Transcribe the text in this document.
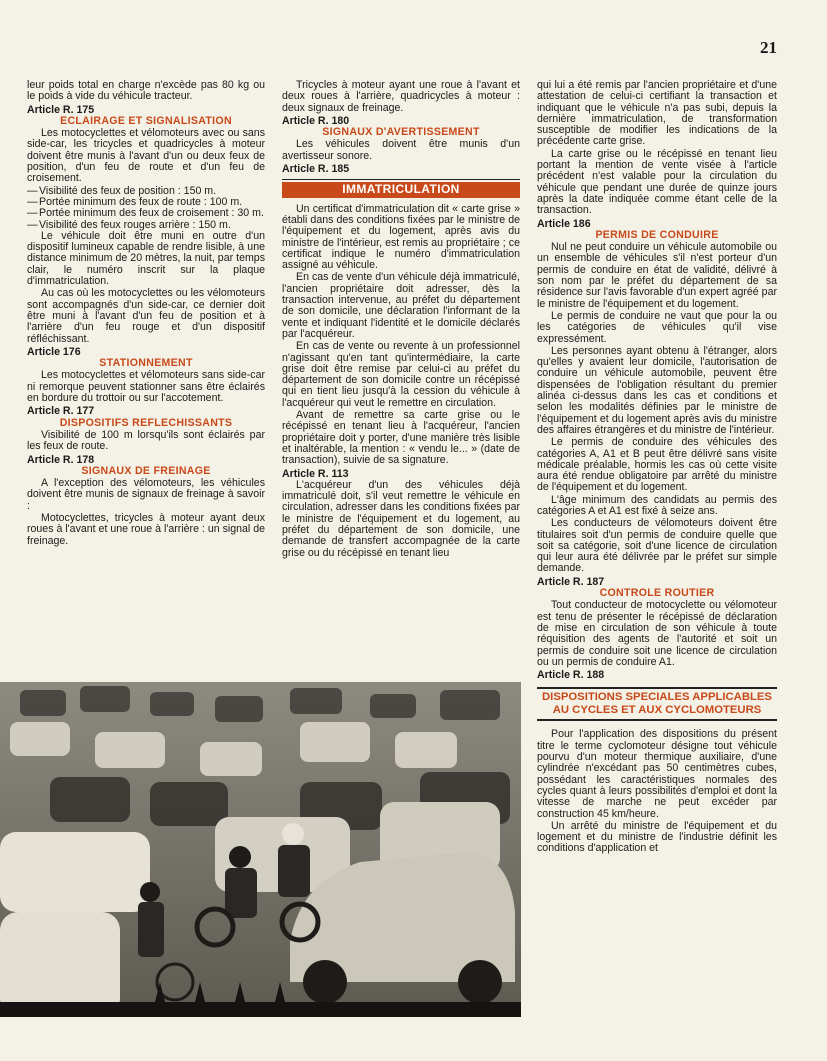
21

leur poids total en charge n'excède pas 80 kg ou le poids à vide du véhicule tracteur.

Article R. 175
ECLAIRAGE ET SIGNALISATION

Les motocyclettes et vélomoteurs avec ou sans side-car, les tricycles et quadricycles à moteur doivent être munis à l'avant d'un ou deux feux de position, d'un feu de route et d'un feu de croisement.

— Visibilité des feux de position : 150 m.
— Portée minimum des feux de route : 100 m.
— Portée minimum des feux de croisement : 30 m.
— Visibilité des feux rouges arrière : 150 m.

Le véhicule doit être muni en outre d'un dispositif lumineux capable de rendre lisible, à une distance minimum de 20 mètres, la nuit, par temps clair, le numéro inscrit sur la plaque d'immatriculation.

Au cas où les motocyclettes ou les vélomoteurs sont accompagnés d'un side-car, ce dernier doit être muni à l'avant d'un feu de position et à l'arrière d'un feu rouge et d'un dispositif réfléchissant.

Article 176
STATIONNEMENT

Les motocyclettes et vélomoteurs sans side-car ni remorque peuvent stationner sans être éclairés en bordure du trottoir ou sur l'accotement.

Article R. 177
DISPOSITIFS REFLECHISSANTS

Visibilité de 100 m lorsqu'ils sont éclairés par les feux de route.

Article R. 178
SIGNAUX DE FREINAGE

A l'exception des vélomoteurs, les véhicules doivent être munis de signaux de freinage à savoir :

Motocyclettes, tricycles à moteur ayant deux roues à l'avant et une roue à l'arrière : un signal de freinage.

Tricycles à moteur ayant une roue à l'avant et deux roues à l'arrière, quadricycles à moteur : deux signaux de freinage.

Article R. 180
SIGNAUX D'AVERTISSEMENT

Les véhicules doivent être munis d'un avertisseur sonore.

Article R. 185
IMMATRICULATION

Un certificat d'immatriculation dit « carte grise » établi dans des conditions fixées par le ministre de l'équipement et du logement, après avis du ministre de l'intérieur, est remis au propriétaire ; ce certificat indique le numéro d'immatriculation assigné au véhicule.

En cas de vente d'un véhicule déjà immatriculé, l'ancien propriétaire doit adresser, dès la transaction intervenue, au préfet du département de son domicile, une déclaration l'informant de la vente et indiquant l'identité et le domicile déclarés par l'acquéreur.

En cas de vente ou revente à un professionnel n'agissant qu'en tant qu'intermédiaire, la carte grise doit être remise par celui-ci au préfet du département de son domicile contre un récépissé qui en tient lieu jusqu'à la cession du véhicule à l'acquéreur qui veut le remettre en circulation.

Avant de remettre sa carte grise ou le récépissé en tenant lieu à l'acquéreur, l'ancien propriétaire doit y porter, d'une manière très lisible et inaltérable, la mention : « vendu le... » (date de transaction), suivie de sa signature.

Article R. 113

L'acquéreur d'un des véhicules déjà immatriculé doit, s'il veut remettre le véhicule en circulation, adresser dans les conditions fixées par le ministre de l'équipement et du logement, au préfet du département de son domicile, une demande de transfert accompagnée de la carte grise ou du récépissé en tenant lieu

qui lui a été remis par l'ancien propriétaire et d'une attestation de celui-ci certifiant la transaction et indiquant que le véhicule n'a pas subi, depuis la dernière immatriculation, de transformation susceptible de modifier les indications de la précédente carte grise.

La carte grise ou le récépissé en tenant lieu portant la mention de vente visée à l'article précédent n'est valable pour la circulation du véhicule que pendant une durée de quinze jours après la date indiquée comme étant celle de la transaction.

Article 186
PERMIS DE CONDUIRE

Nul ne peut conduire un véhicule automobile ou un ensemble de véhicules s'il n'est porteur d'un permis de conduire en état de validité, délivré à son nom par le préfet du département de sa résidence sur l'avis favorable d'un expert agréé par le ministre de l'équipement et du logement.

Le permis de conduire ne vaut que pour la ou les catégories de véhicules qu'il vise expressément.

Les personnes ayant obtenu à l'étranger, alors qu'elles y avaient leur domicile, l'autorisation de conduire un véhicule automobile, peuvent être dispensées de l'obligation résultant du premier alinéa ci-dessus dans les cas et conditions et selon les modalités définies par le ministre de l'équipement et du logement après avis du ministre des affaires étrangères et du ministre de l'intérieur.

Le permis de conduire des véhicules des catégories A, A1 et B peut être délivré sans visite médicale préalable, hormis les cas où cette visite aura été rendue obligatoire par arrêté du ministre de l'équipement et du logement.

L'âge minimum des candidats au permis des catégories A et A1 est fixé à seize ans.

Les conducteurs de vélomoteurs doivent être titulaires soit d'un permis de conduire quelle que soit sa catégorie, soit d'une licence de circulation qui leur aura été délivrée par le préfet sur simple demande.

Article R. 187
CONTROLE ROUTIER

Tout conducteur de motocyclette ou vélomoteur est tenu de présenter le récépissé de déclaration de mise en circulation de son véhicule à toute réquisition des agents de l'autorité et soit un permis de conduire soit une licence de circulation ou un permis de conduire A1.

Article R. 188
DISPOSITIONS SPECIALES APPLICABLES
AU CYCLES ET AUX CYCLOMOTEURS

Pour l'application des dispositions du présent titre le terme cyclomoteur désigne tout véhicule pourvu d'un moteur thermique auxiliaire, d'une cylindrée n'excédant pas 50 centimètres cubes, possédant les caractéristiques normales des cycles quant à leurs possibilités d'emploi et dont la vitesse de marche ne peut excéder par construction 45 km/heure.

Un arrêté du ministre de l'équipement et du logement et du ministre de l'industrie définit les conditions d'application et
